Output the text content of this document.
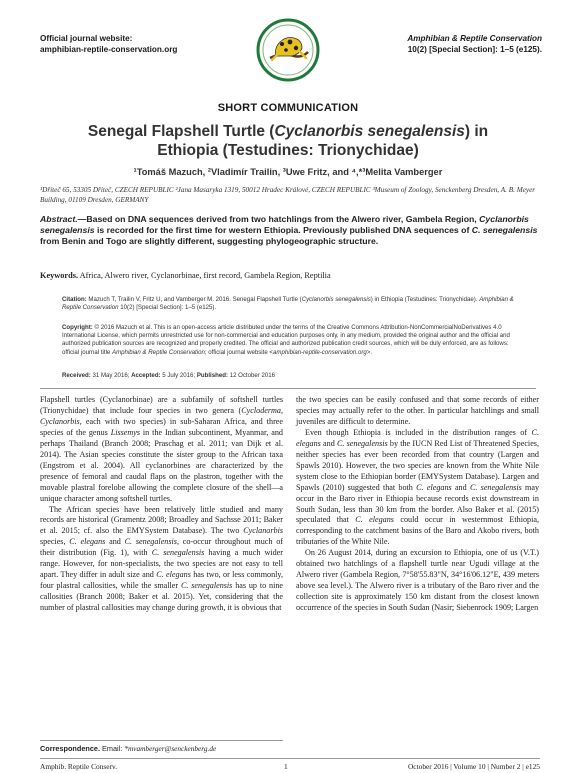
Official journal website:
amphibian-reptile-conservation.org
Amphibian & Reptile Conservation
10(2) [Special Section]: 1–5 (e125).
SHORT COMMUNICATION
Senegal Flapshell Turtle (Cyclanorbis senegalensis) in
Ethiopia (Testudines: Trionychidae)
¹Tomáš Mazuch, ²Vladimír Trailin, ³Uwe Fritz, and ⁴,*³Melita Vamberger
¹Dříteč 65, 53305 Dříteč, CZECH REPUBLIC ²Jana Masaryka 1319, 50012 Hradec Králové, CZECH REPUBLIC ³Museum of Zoology, Senckenberg Dresden, A. B. Meyer Building, 01109 Dresden, GERMANY
Abstract.—Based on DNA sequences derived from two hatchlings from the Alwero river, Gambela Region, Cyclanorbis senegalensis is recorded for the first time for western Ethiopia. Previously published DNA sequences of C. senegalensis from Benin and Togo are slightly different, suggesting phylogeographic structure.
Keywords. Africa, Alwero river, Cyclanorbinae, first record, Gambela Region, Reptilia
Citation: Mazuch T, Trailin V, Fritz U, and Vamberger M. 2016. Senegal Flapshell Turtle (Cyclanorbis senegalensis) in Ethiopia (Testudines: Trionychidae). Amphibian & Reptile Conservation 10(2) [Special Section]: 1–5 (e125).
Copyright: © 2016 Mazuch et al. This is an open-access article distributed under the terms of the Creative Commons Attribution-NonCommercialNoDerivatives 4.0 International License, which permits unrestricted use for non-commercial and education purposes only, in any medium, provided the original author and the official and authorized publication sources are recognized and properly credited. The official and authorized publication credit sources, which will be duly enforced, are as follows: official journal title Amphibian & Reptile Conservation; official journal website <amphibian-reptile-conservation.org>.
Received: 31 May 2016; Accepted: 5 July 2016; Published: 12 October 2016

Flapshell turtles (Cyclanorbinae) are a subfamily of softshell turtles (Trionychidae) that include four species in two genera (Cycloderma, Cyclanorbis, each with two species) in sub-Saharan Africa, and three species of the genus Lissemys in the Indian subcontinent, Myanmar, and perhaps Thailand (Branch 2008; Praschag et al. 2011; van Dijk et al. 2014). The Asian species constitute the sister group to the African taxa (Engstrom et al. 2004). All cyclanorbines are characterized by the presence of femoral and caudal flaps on the plastron, together with the movable plastral forelobe allowing the complete closure of the shell—a unique character among softshell turtles.

The African species have been relatively little studied and many records are historical (Gramentz 2008; Broadley and Sachsse 2011; Baker et al. 2015; cf. also the EMYSystem Database). The two Cyclanorbis species, C. elegans and C. senegalensis, co-occur throughout much of their distribution (Fig. 1), with C. senegalensis having a much wider range. However, for non-specialists, the two species are not easy to tell apart. They differ in adult size and C. elegans has two, or less commonly, four plastral callosities, while the smaller C. senegalensis has up to nine callosities (Branch 2008; Baker et al. 2015). Yet, considering that the number of plastral callosities may change during growth, it is obvious that

the two species can be easily confused and that some records of either species may actually refer to the other. In particular hatchlings and small juveniles are difficult to determine.

Even though Ethiopia is included in the distribution ranges of C. elegans and C. senegalensis by the IUCN Red List of Threatened Species, neither species has ever been recorded from that country (Largen and Spawls 2010). However, the two species are known from the White Nile system close to the Ethiopian border (EMYSystem Database). Largen and Spawls (2010) suggested that both C. elegans and C. senegalensis may occur in the Baro river in Ethiopia because records exist downstream in South Sudan, less than 30 km from the border. Also Baker et al. (2015) speculated that C. elegans could occur in westernmost Ethiopia, corresponding to the catchment basins of the Baro and Akobo rivers, both tributaries of the White Nile.

On 26 August 2014, during an excursion to Ethiopia, one of us (V.T.) obtained two hatchlings of a flapshell turtle near Ugudi village at the Alwero river (Gambela Region, 7°58'55.83"N, 34°16'06.12"E, 439 meters above sea level.). The Alwero river is a tributary of the Baro river and the collection site is approximately 150 km distant from the closest known occurrence of the species in South Sudan (Nasir; Siebenrock 1909; Largen

Correspondence. Email: *mvamberger@senckenberg.de
Amphib. Reptile Conserv.	1	October 2016 | Volume 10 | Number 2 | e125
